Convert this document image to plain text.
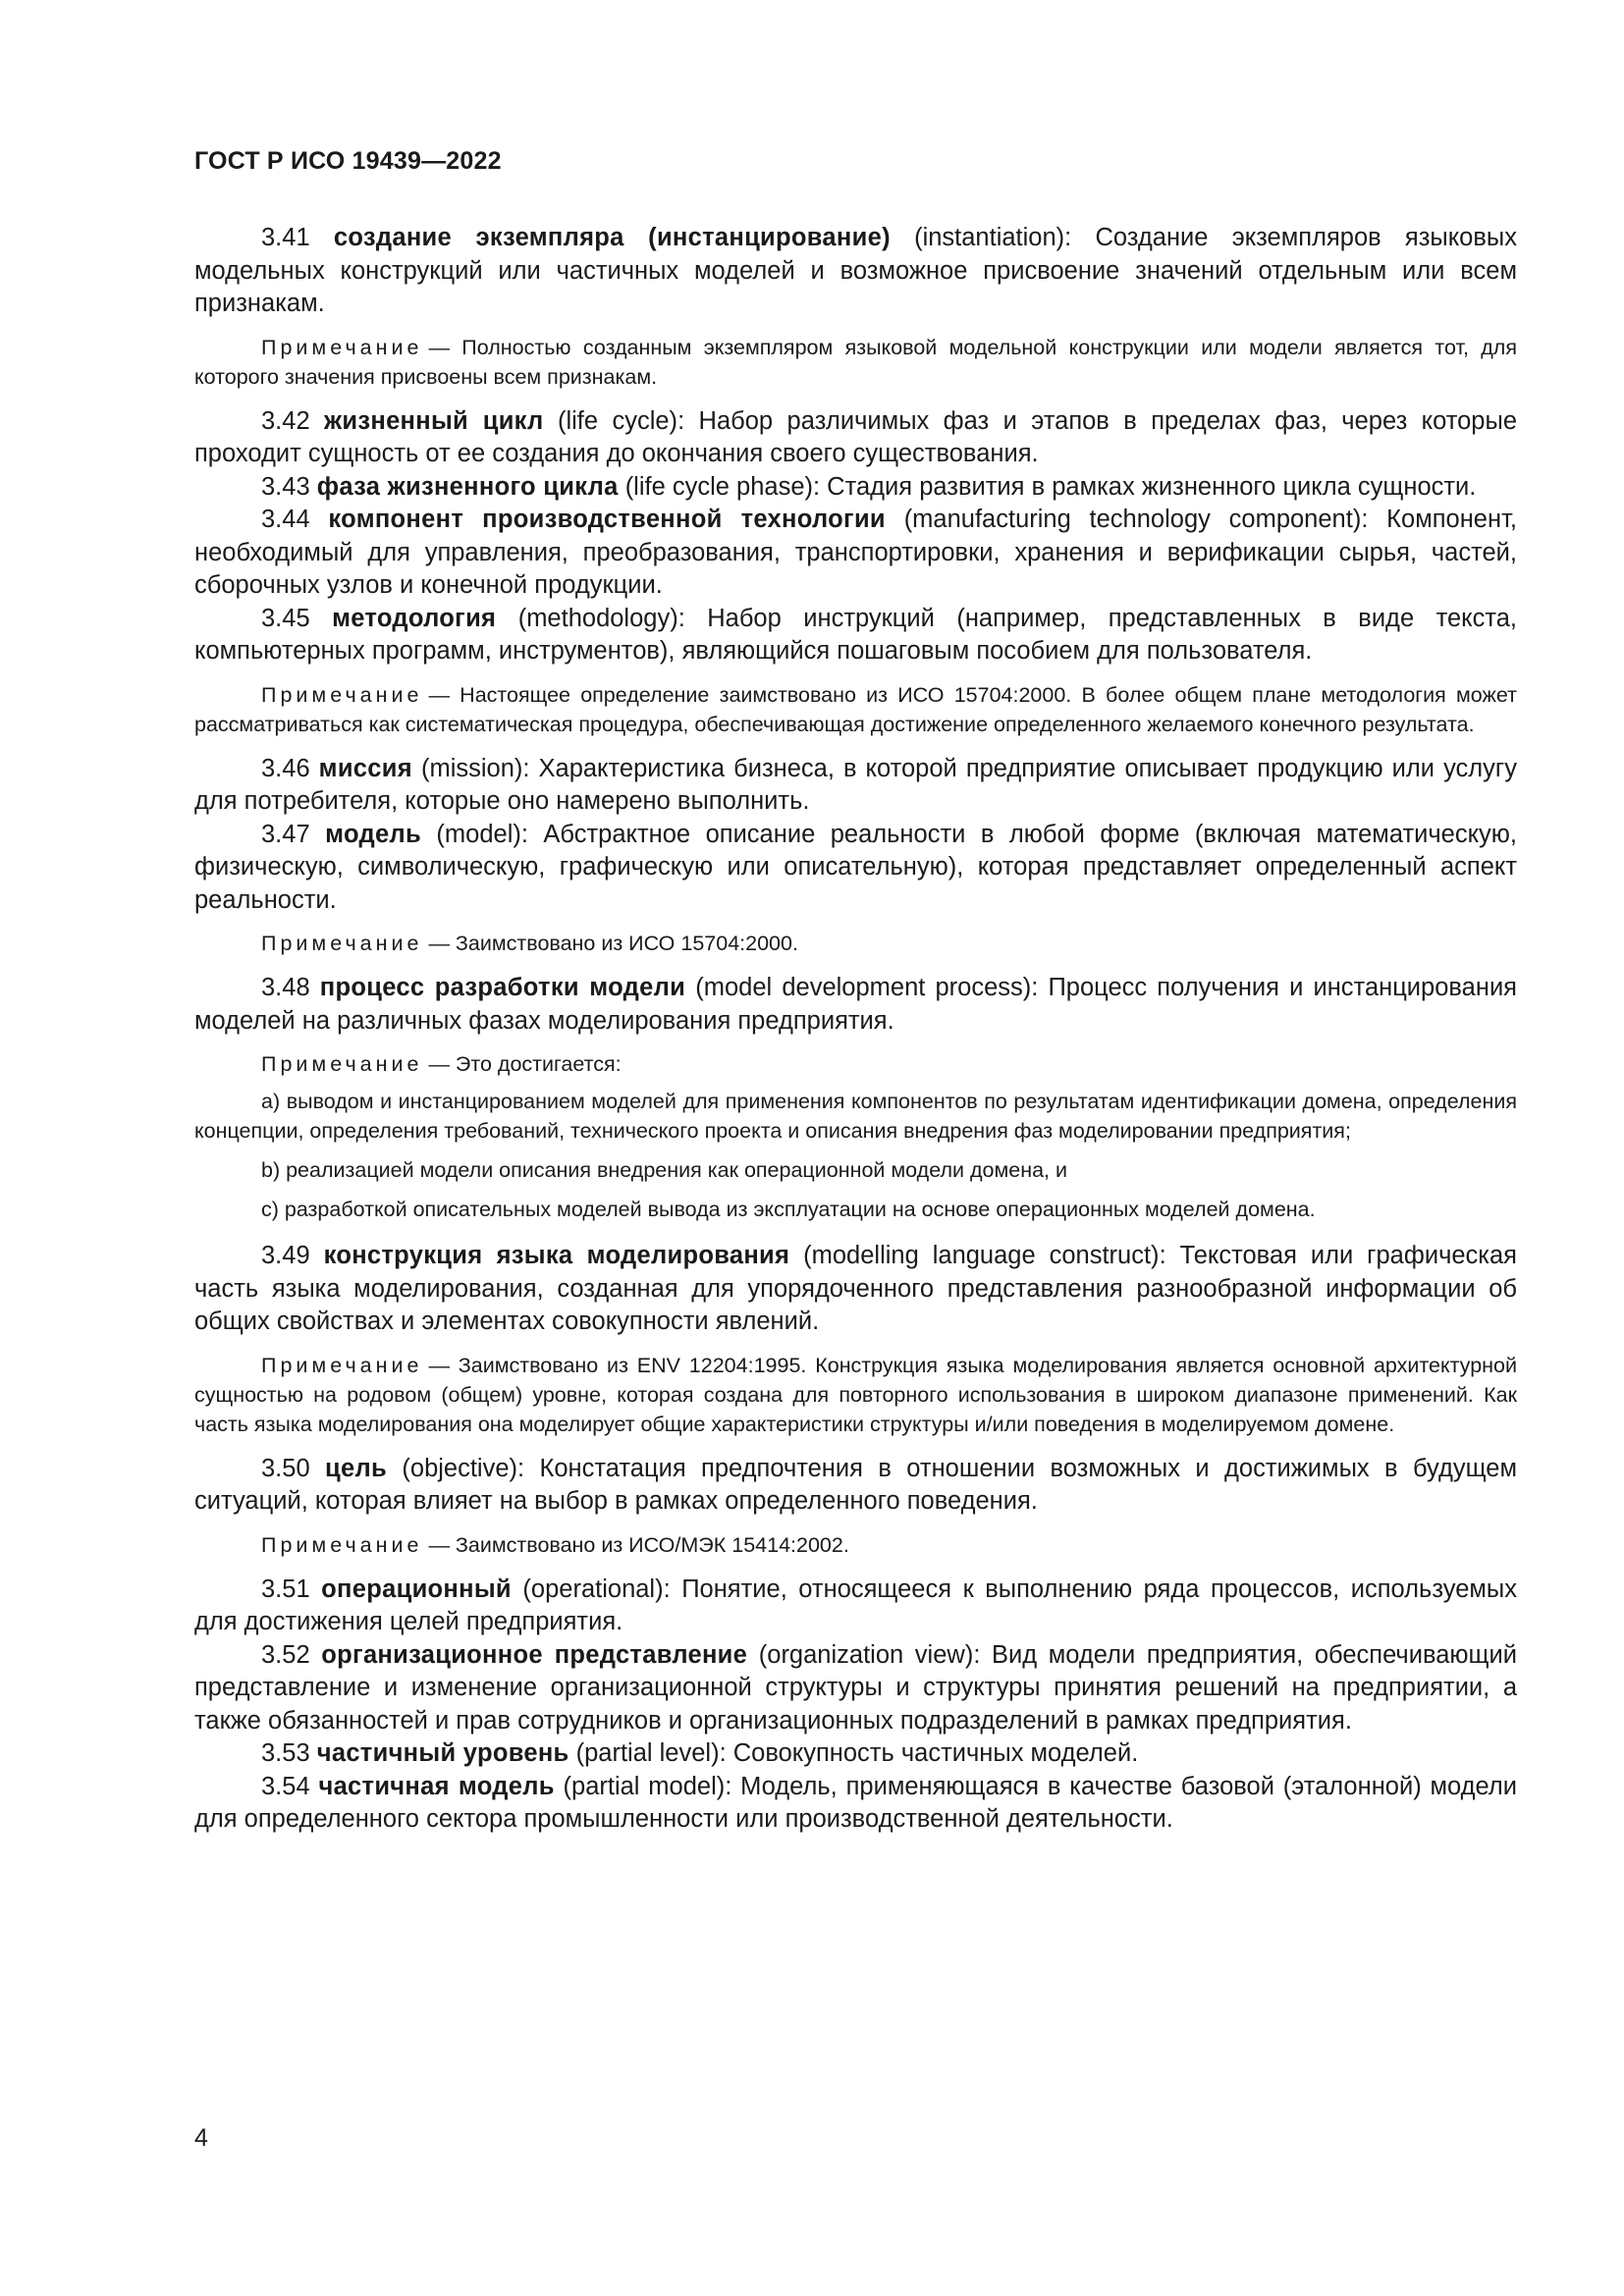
ГОСТ Р ИСО 19439—2022

3.41 создание экземпляра (инстанцирование) (instantiation): Создание экземпляров языковых модельных конструкций или частичных моделей и возможное присвоение значений отдельным или всем признакам.

Примечание — Полностью созданным экземпляром языковой модельной конструкции или модели является тот, для которого значения присвоены всем признакам.

3.42 жизненный цикл (life cycle): Набор различимых фаз и этапов в пределах фаз, через которые проходит сущность от ее создания до окончания своего существования.

3.43 фаза жизненного цикла (life cycle phase): Стадия развития в рамках жизненного цикла сущности.

3.44 компонент производственной технологии (manufacturing technology component): Компонент, необходимый для управления, преобразования, транспортировки, хранения и верификации сырья, частей, сборочных узлов и конечной продукции.

3.45 методология (methodology): Набор инструкций (например, представленных в виде текста, компьютерных программ, инструментов), являющийся пошаговым пособием для пользователя.

Примечание — Настоящее определение заимствовано из ИСО 15704:2000. В более общем плане методология может рассматриваться как систематическая процедура, обеспечивающая достижение определенного желаемого конечного результата.

3.46 миссия (mission): Характеристика бизнеса, в которой предприятие описывает продукцию или услугу для потребителя, которые оно намерено выполнить.

3.47 модель (model): Абстрактное описание реальности в любой форме (включая математическую, физическую, символическую, графическую или описательную), которая представляет определенный аспект реальности.

Примечание — Заимствовано из ИСО 15704:2000.

3.48 процесс разработки модели (model development process): Процесс получения и инстанцирования моделей на различных фазах моделирования предприятия.

Примечание — Это достигается:

а) выводом и инстанцированием моделей для применения компонентов по результатам идентификации домена, определения концепции, определения требований, технического проекта и описания внедрения фаз моделировании предприятия;

b) реализацией модели описания внедрения как операционной модели домена, и

c) разработкой описательных моделей вывода из эксплуатации на основе операционных моделей домена.

3.49 конструкция языка моделирования (modelling language construct): Текстовая или графическая часть языка моделирования, созданная для упорядоченного представления разнообразной информации об общих свойствах и элементах совокупности явлений.

Примечание — Заимствовано из ENV 12204:1995. Конструкция языка моделирования является основной архитектурной сущностью на родовом (общем) уровне, которая создана для повторного использования в широком диапазоне применений. Как часть языка моделирования она моделирует общие характеристики структуры и/или поведения в моделируемом домене.

3.50 цель (objective): Констатация предпочтения в отношении возможных и достижимых в будущем ситуаций, которая влияет на выбор в рамках определенного поведения.

Примечание — Заимствовано из ИСО/МЭК 15414:2002.

3.51 операционный (operational): Понятие, относящееся к выполнению ряда процессов, используемых для достижения целей предприятия.

3.52 организационное представление (organization view): Вид модели предприятия, обеспечивающий представление и изменение организационной структуры и структуры принятия решений на предприятии, а также обязанностей и прав сотрудников и организационных подразделений в рамках предприятия.

3.53 частичный уровень (partial level): Совокупность частичных моделей.

3.54 частичная модель (partial model): Модель, применяющаяся в качестве базовой (эталонной) модели для определенного сектора промышленности или производственной деятельности.

4
